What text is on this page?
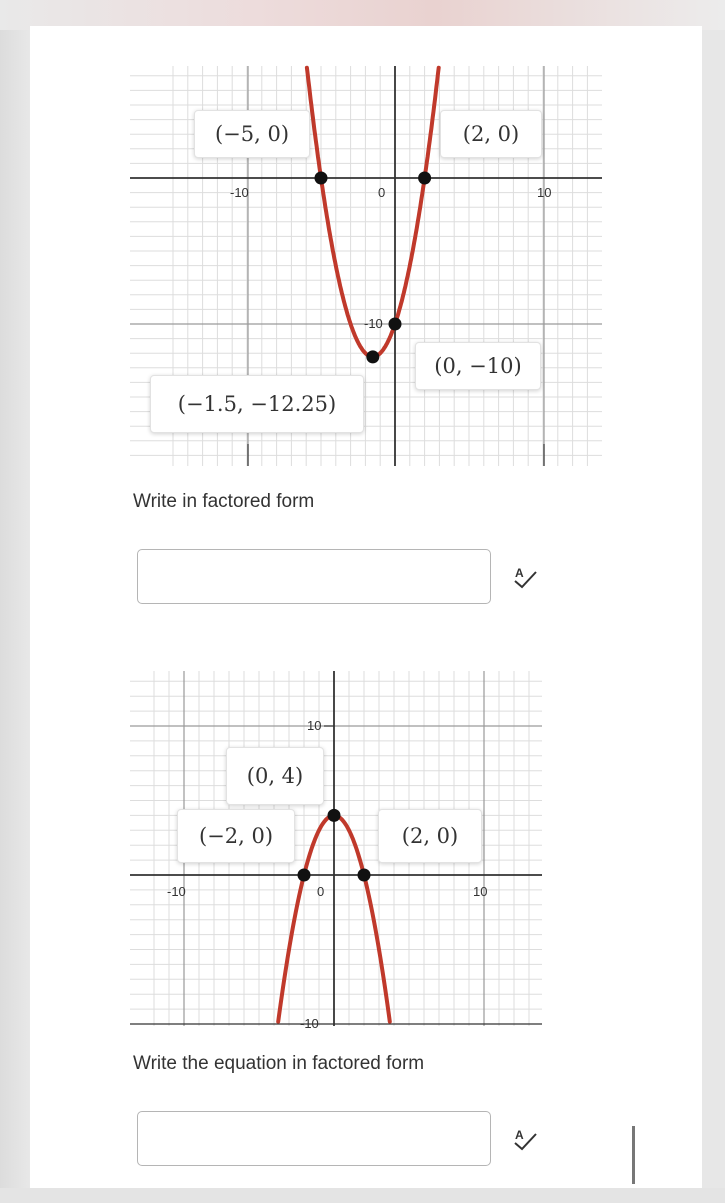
-10	0	10
-10
(−5, 0)	(2, 0)
(0, −10)
(−1.5, −12.25)
-10	0	10
10
-10
(0, 4)
(−2, 0)	(2, 0)
Write in factored form
A
Write the equation in factored form
A
